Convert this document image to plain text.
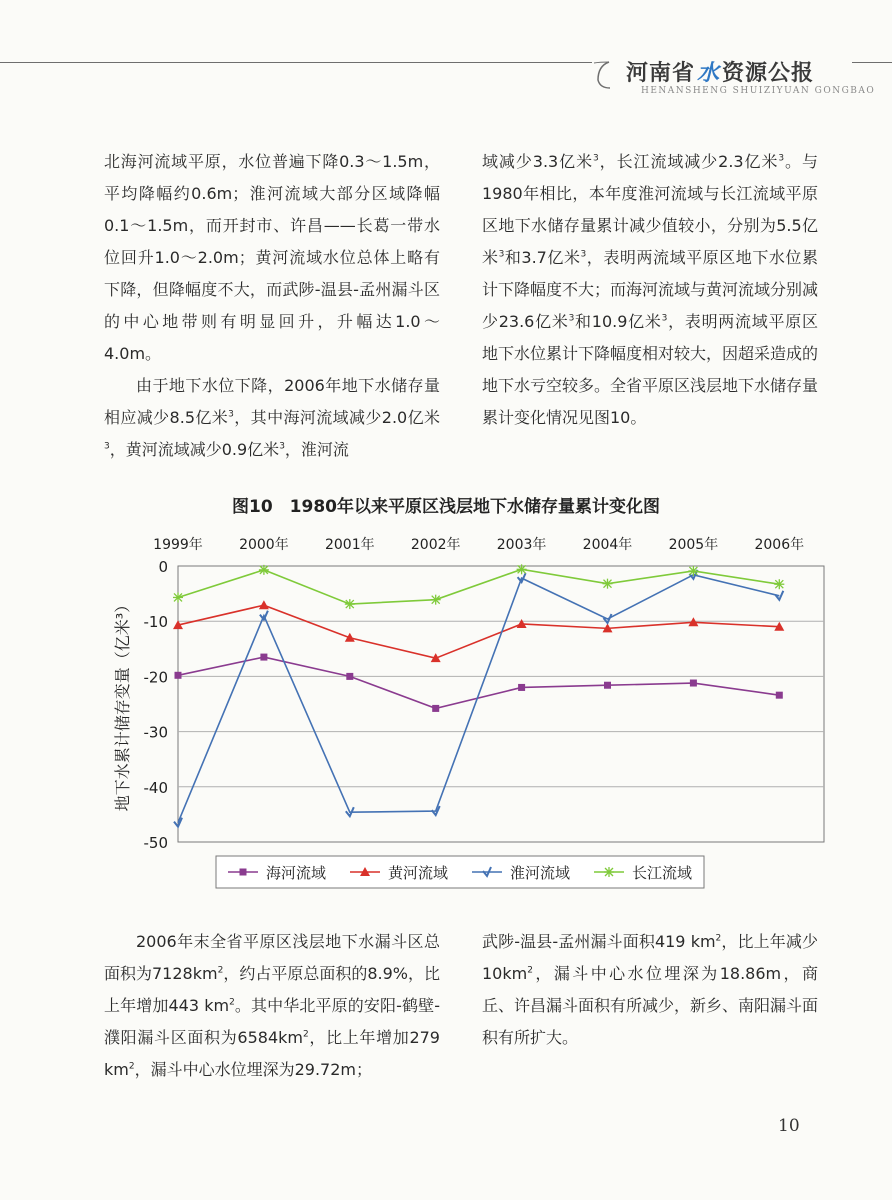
河南省水资源公报
HENANSHENG SHUIZIYUAN GONGBAO

北海河流域平原，水位普遍下降0.3～1.5m，平均降幅约0.6m；淮河流域大部分区域降幅0.1～1.5m，而开封市、许昌——长葛一带水位回升1.0～2.0m；黄河流域水位总体上略有下降，但降幅度不大，而武陟-温县-孟州漏斗区的中心地带则有明显回升，升幅达1.0～4.0m。

由于地下水位下降，2006年地下水储存量相应减少8.5亿米$^3$，其中海河流域减少2.0亿米$^3$，黄河流域减少0.9亿米$^3$，淮河流

域减少3.3亿米$^3$，长江流域减少2.3亿米$^3$。与1980年相比，本年度淮河流域与长江流域平原区地下水储存量累计减少值较小，分别为5.5亿米$^3$和3.7亿米$^3$，表明两流域平原区地下水位累计下降幅度不大；而海河流域与黄河流域分别减少23.6亿米$^3$和10.9亿米$^3$，表明两流域平原区地下水位累计下降幅度相对较大，因超采造成的地下水亏空较多。全省平原区浅层地下水储存量累计变化情况见图10。

图10　1980年以来平原区浅层地下水储存量累计变化图
地下水累计储存变量（亿米³）
1999年	2000年	2001年	2002年	2003年	2004年	2005年	2006年
0
-10
-20
-30
-40
-50
海河流域	黄河流域	淮河流域	长江流域

2006年末全省平原区浅层地下水漏斗区总面积为$7128km^2$，约占平原总面积的8.9%，比上年增加443 $km^2$。其中华北平原的安阳-鹤壁-濮阳漏斗区面积为$6584km^2$，比上年增加279 $km^2$，漏斗中心水位埋深为29.72m；

武陟-温县-孟州漏斗面积419 $km^2$，比上年减少$10km^2$，漏斗中心水位埋深为18.86m，商丘、许昌漏斗面积有所减少，新乡、南阳漏斗面积有所扩大。

10
